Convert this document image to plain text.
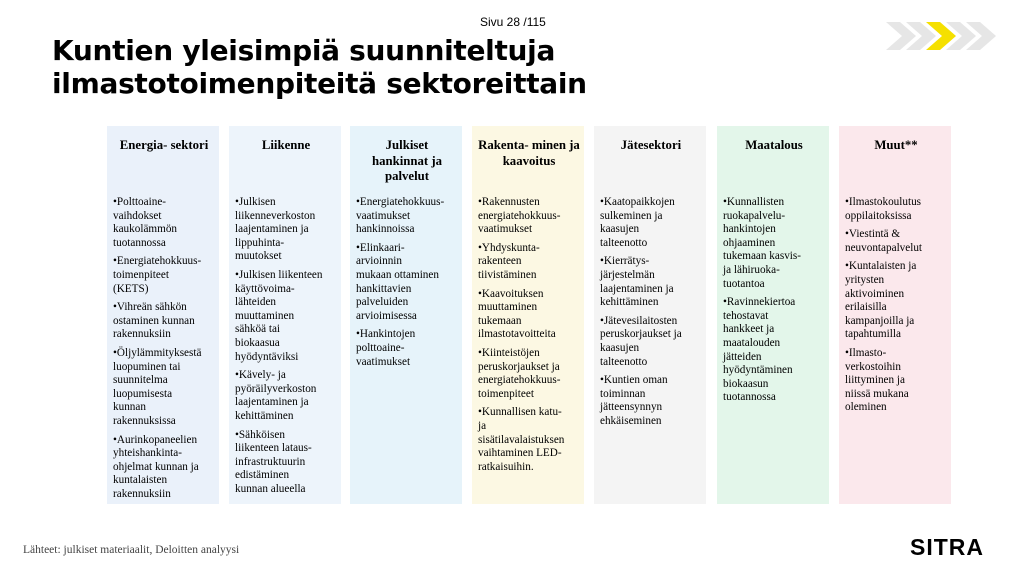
Sivu 28 /115
Kuntien yleisimpiä suunniteltuja
ilmastotoimenpiteitä sektoreittain
Energia- sektori
•Polttoaine-
vaihdokset
kaukolämmön
tuotannossa
•Energiatehokkuus-
toimenpiteet
(KETS)
•Vihreän sähkön
ostaminen kunnan
rakennuksiin
•Öljylämmityksestä
luopuminen tai
suunnitelma
luopumisesta
kunnan
rakennuksissa
•Aurinkopaneelien
yhteishankinta-
ohjelmat kunnan ja
kuntalaisten
rakennuksiin
Liikenne
•Julkisen
liikenneverkoston
laajentaminen ja
lippuhinta-
muutokset
•Julkisen liikenteen
käyttövoima-
lähteiden
muuttaminen
sähköä tai
biokaasua
hyödyntäviksi
•Kävely- ja
pyöräilyverkoston
laajentaminen ja
kehittäminen
•Sähköisen
liikenteen lataus-
infrastruktuurin
edistäminen
kunnan alueella
Julkiset hankinnat ja palvelut
•Energiatehokkuus-
vaatimukset
hankinnoissa
•Elinkaari-
arvioinnin
mukaan ottaminen
hankittavien
palveluiden
arvioimisessa
•Hankintojen
polttoaine-
vaatimukset
Rakenta- minen ja kaavoitus
•Rakennusten
energiatehokkuus-
vaatimukset
•Yhdyskunta-
rakenteen
tiivistäminen
•Kaavoituksen
muuttaminen
tukemaan
ilmastotavoitteita
•Kiinteistöjen
peruskorjaukset ja
energiatehokkuus-
toimenpiteet
•Kunnallisen katu-
ja
sisätilavalaistuksen
vaihtaminen LED-
ratkaisuihin.
Jätesektori
•Kaatopaikkojen
sulkeminen ja
kaasujen
talteenotto
•Kierrätys-
järjestelmän
laajentaminen ja
kehittäminen
•Jätevesilaitosten
peruskorjaukset ja
kaasujen
talteenotto
•Kuntien oman
toiminnan
jätteensynnyn
ehkäiseminen
Maatalous
•Kunnallisten
ruokapalvelu-
hankintojen
ohjaaminen
tukemaan kasvis-
ja lähiruoka-
tuotantoa
•Ravinnekiertoa
tehostavat
hankkeet ja
maatalouden
jätteiden
hyödyntäminen
biokaasun
tuotannossa
Muut**
•Ilmastokoulutus
oppilaitoksissa
•Viestintä &
neuvontapalvelut
•Kuntalaisten ja
yritysten
aktivoiminen
erilaisilla
kampanjoilla ja
tapahtumilla
•Ilmasto-
verkostoihin
liittyminen ja
niissä mukana
oleminen
Lähteet: julkiset materiaalit, Deloitten analyysi	SITRA
